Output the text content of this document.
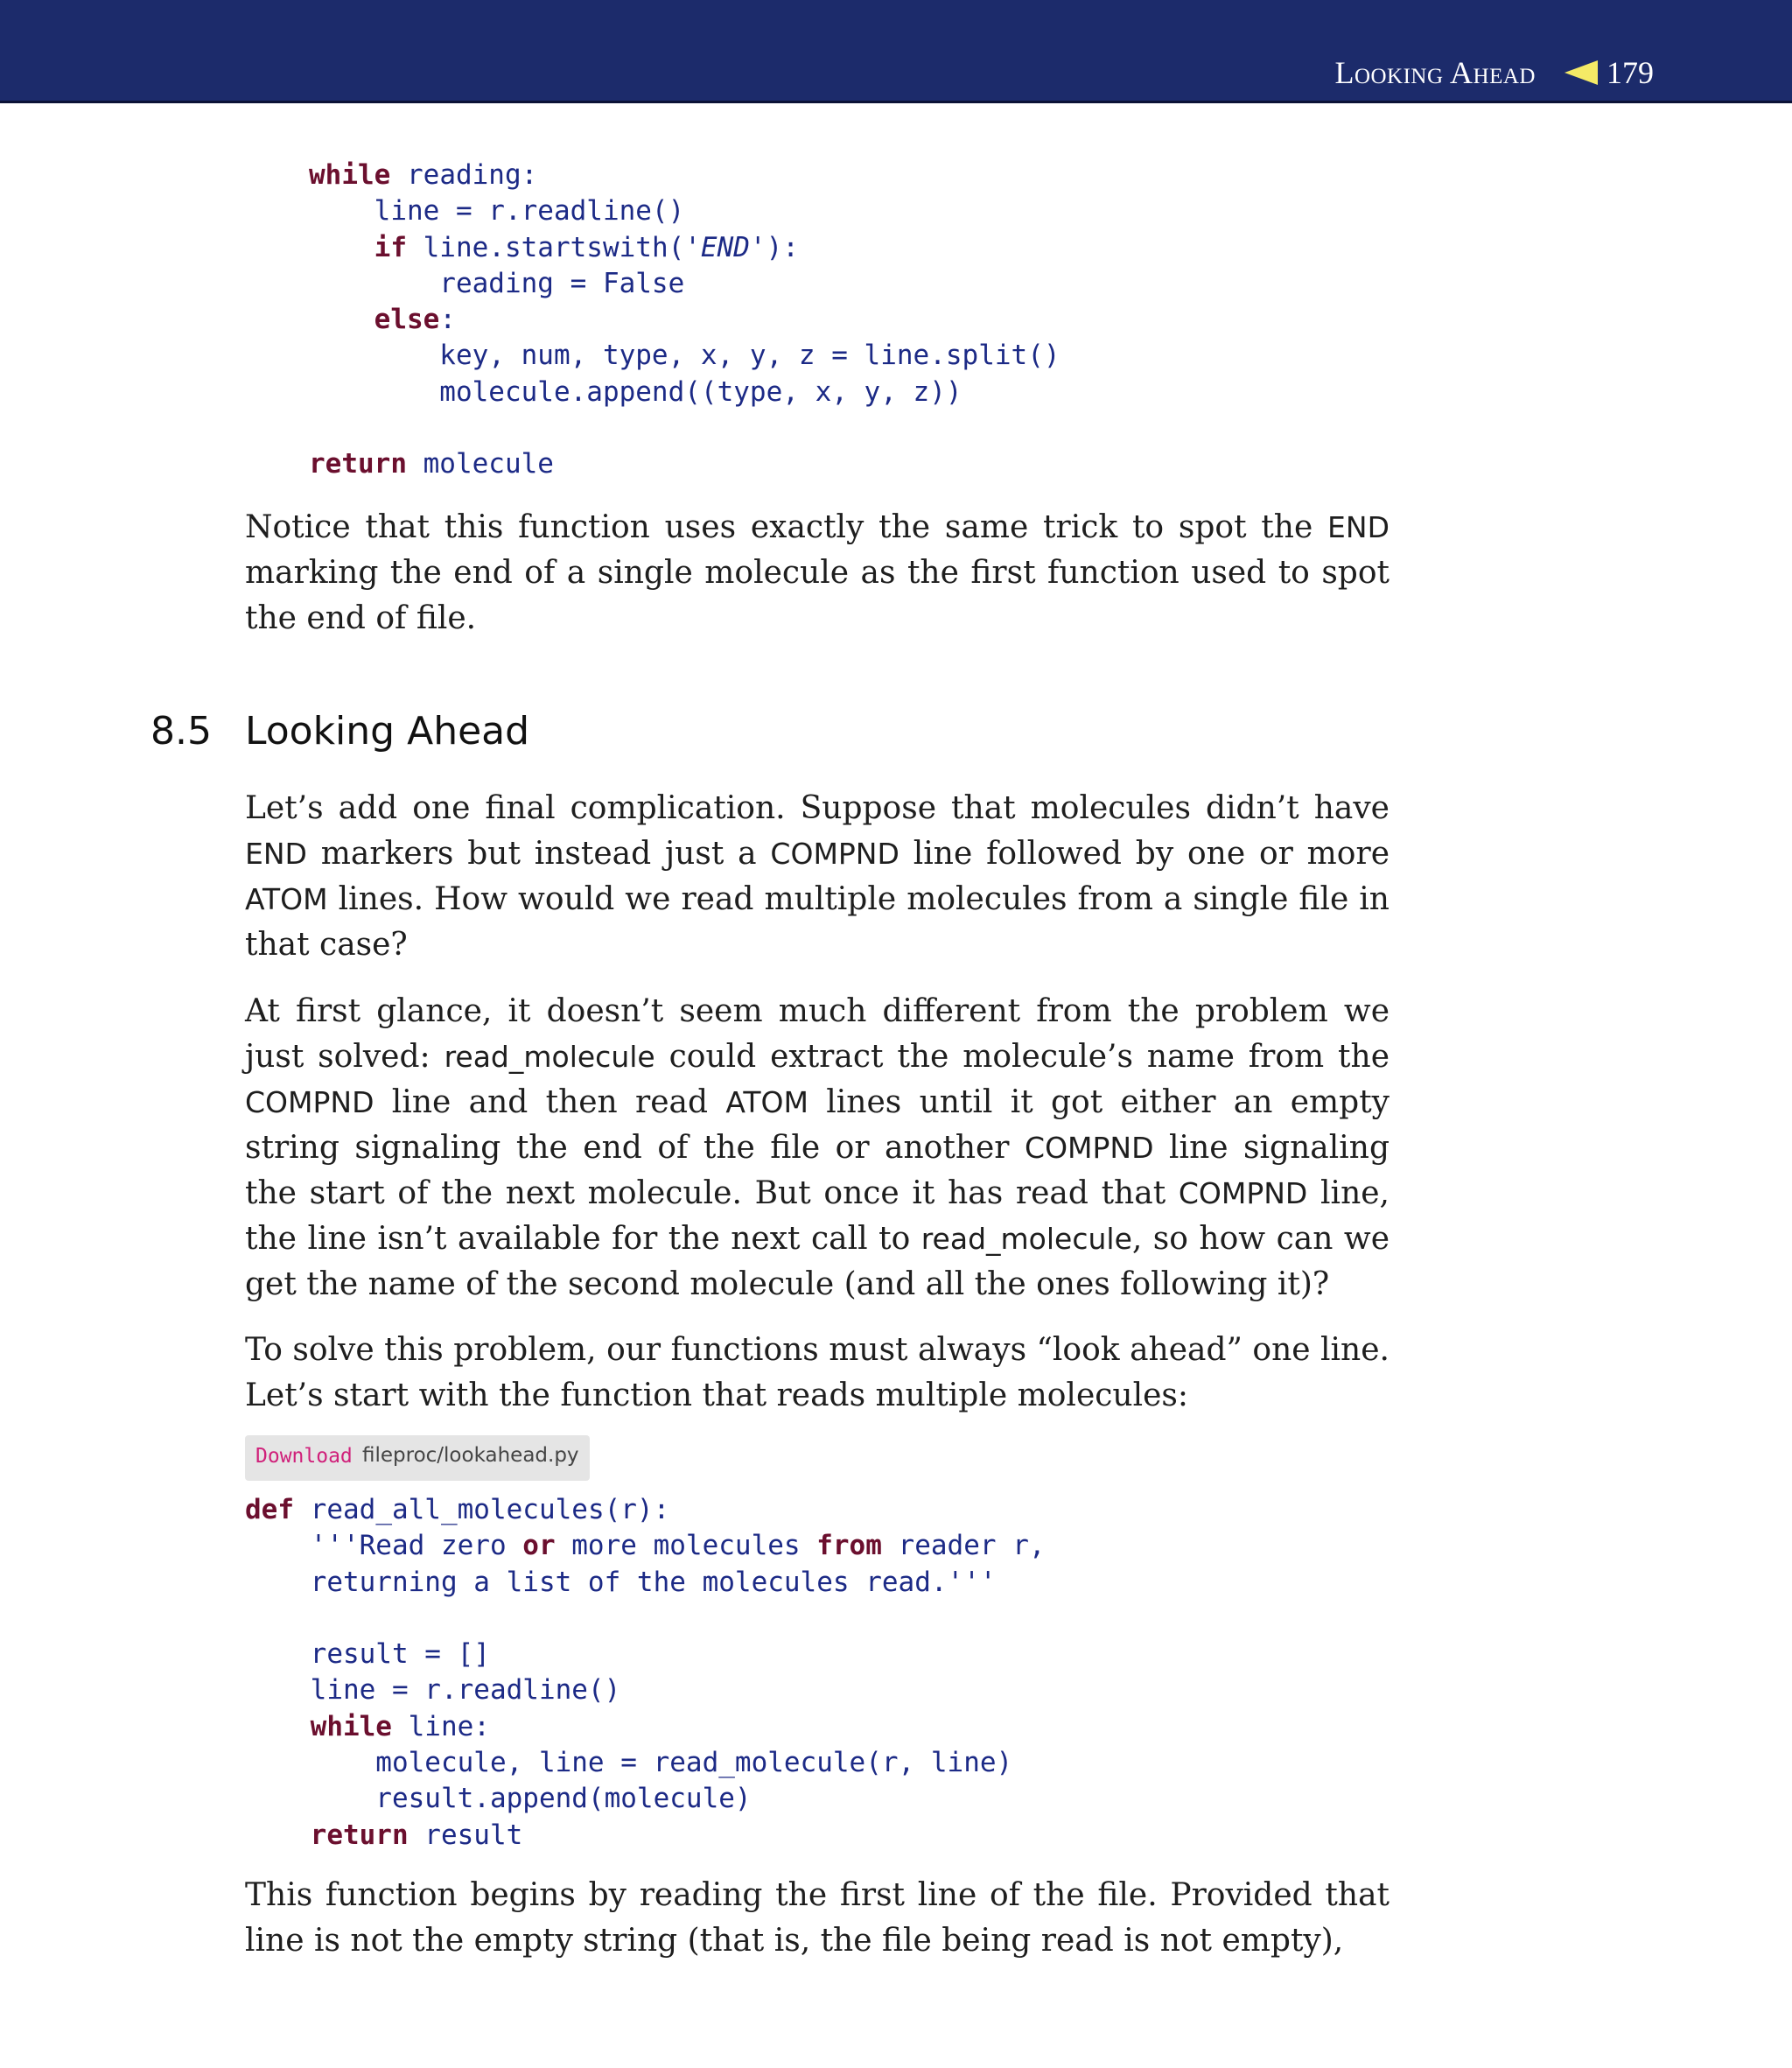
Looking Ahead 179
while reading:
line = r.readline()
if line.startswith('END'):
reading = False
else:
key, num, type, x, y, z = line.split()
molecule.append((type, x, y, z))

return molecule

Notice that this function uses exactly the same trick to spot the END marking the end of a single molecule as the first function used to spot the end of file.

8.5 Looking Ahead

Let’s add one final complication. Suppose that molecules didn’t have END markers but instead just a COMPND line followed by one or more ATOM lines. How would we read multiple molecules from a single file in that case?

At first glance, it doesn’t seem much different from the problem we just solved: read_molecule could extract the molecule’s name from the COMPND line and then read ATOM lines until it got either an empty string signaling the end of the file or another COMPND line signaling the start of the next molecule. But once it has read that COMPND line, the line isn’t available for the next call to read_molecule, so how can we get the name of the second molecule (and all the ones following it)?

To solve this problem, our functions must always “look ahead” one line. Let’s start with the function that reads multiple molecules:

Download fileproc/lookahead.py
def read_all_molecules(r):
'''Read zero or more molecules from reader r,
returning a list of the molecules read.'''

result = []
line = r.readline()
while line:
molecule, line = read_molecule(r, line)
result.append(molecule)
return result

This function begins by reading the first line of the file. Provided that line is not the empty string (that is, the file being read is not empty),
